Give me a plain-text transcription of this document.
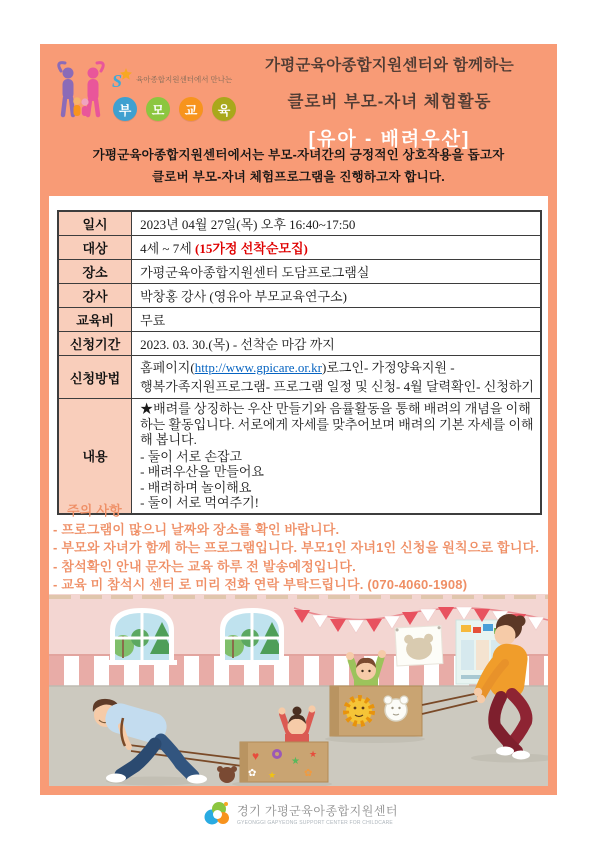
S 육아종합지원센터에서 만나는
부	모	교	육
가평군육아종합지원센터와 함께하는
클로버 부모-자녀 체험활동
[유아 - 배려우산]
가평군육아종합지원센터에서는 부모-자녀간의 긍정적인 상호작용을 돕고자
클로버 부모-자녀 체험프로그램을 진행하고자 합니다.
일시	2023년 04월 27일(목) 오후 16:40~17:50
대상	4세 ~ 7세 (15가정 선착순모집)
장소	가평군육아종합지원센터 도담프로그램실
강사	박창홍 강사 (영유아 부모교육연구소)
교육비	무료
신청기간	2023. 03. 30.(목) - 선착순 마감 까지
신청방법	홈페이지(http://www.gpicare.or.kr)로그인- 가정양육지원 -
행복가족지원프로그램- 프로그램 일정 및 신청- 4월 달력확인- 신청하기

내용	★배려를 상징하는 우산 만들기와 음률활동을 통해 배려의 개념을 이해하는 활동입니다. 서로에게 자세를 맞추어보며 배려의 기본 자세를 이해해 봅니다.
- 둘이 서로 손잡고
- 배려우산을 만들어요
- 배려하며 놀이해요
- 둘이 서로 먹여주기!
주의 사항
- 프로그램이 많으니 날짜와 장소를 확인 바랍니다.
- 부모와 자녀가 함께 하는 프로그램입니다. 부모1인 자녀1인 신청을 원칙으로 합니다.
- 참석확인 안내 문자는 교육 하루 전 발송예정입니다.
- 교육 미 참석시 센터 로 미리 전화 연락 부탁드립니다. (070-4060-1908)
♥	★
✿ ★	✿
★
경기 가평군육아종합지원센터
GYEONGGI GAPYEONG SUPPORT CENTER FOR CHILDCARE
